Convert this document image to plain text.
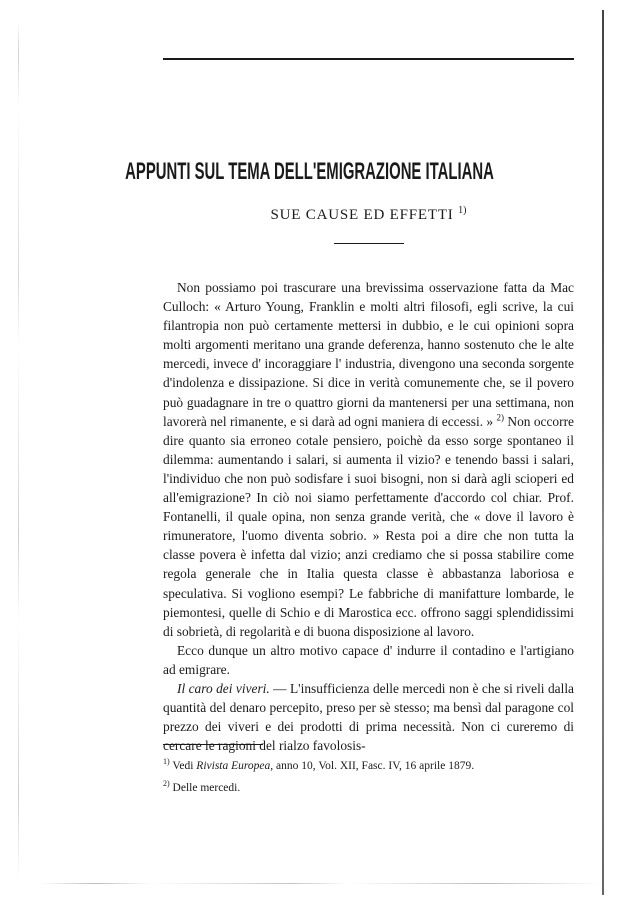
APPUNTI SUL TEMA DELL'EMIGRAZIONE ITALIANA

SUE CAUSE ED EFFETTI $^{1)}$

Non possiamo poi trascurare una brevissima osservazione fatta da Mac Culloch: « Arturo Young, Franklin e molti altri filosofi, egli scrive, la cui filantropia non può certamente mettersi in dubbio, e le cui opinioni sopra molti argomenti meritano una grande deferenza, hanno sostenuto che le alte mercedi, invece d' incoraggiare l' industria, divengono una seconda sorgente d'indolenza e dissipazione. Si dice in verità comunemente che, se il povero può guadagnare in tre o quattro giorni da mantenersi per una settimana, non lavorerà nel rimanente, e si darà ad ogni maniera di eccessi. » $^{2)}$ Non occorre dire quanto sia erroneo cotale pensiero, poichè da esso sorge spontaneo il dilemma: aumentando i salari, si aumenta il vizio? e tenendo bassi i salari, l'individuo che non può sodisfare i suoi bisogni, non si darà agli scioperi ed all'emigrazione? In ciò noi siamo perfettamente d'accordo col chiar. Prof. Fontanelli, il quale opina, non senza grande verità, che « dove il lavoro è rimuneratore, l'uomo diventa sobrio. » Resta poi a dire che non tutta la classe povera è infetta dal vizio; anzi crediamo che si possa stabilire come regola generale che in Italia questa classe è abbastanza laboriosa e speculativa. Si vogliono esempi? Le fabbriche di manifatture lombarde, le piemontesi, quelle di Schio e di Marostica ecc. offrono saggi splendidissimi di sobrietà, di regolarità e di buona disposizione al lavoro.

Ecco dunque un altro motivo capace d' indurre il contadino e l'artigiano ad emigrare.

Il caro dei viveri. — L'insufficienza delle mercedi non è che si riveli dalla quantità del denaro percepito, preso per sè stesso; ma bensì dal paragone col prezzo dei viveri e dei prodotti di prima necessità. Non ci cureremo di cercare le ragioni del rialzo favolosis-

$^{1)}$ Vedi Rivista Europea, anno 10, Vol. XII, Fasc. IV, 16 aprile 1879.
$^{2)}$ Delle mercedi.
